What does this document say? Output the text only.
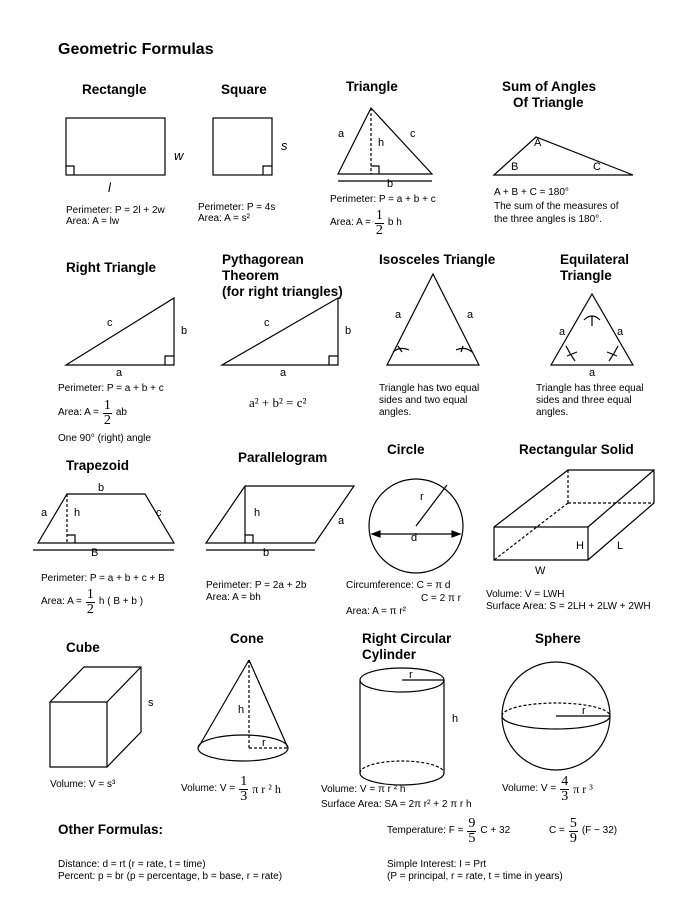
Geometric Formulas
Rectangle
w
l
Perimeter: P = 2l + 2w
Area: A = lw
Square
s
Perimeter: P = 4s
Area: A = s²
Triangle
a	c
h
b
Perimeter: P = a + b + c
Area: $A = \frac{1}{2}$ b h
Sum of Angles
Of Triangle
A
B	C
A + B + C = 180°
The sum of the measures of
the three angles is 180°.
Right Triangle
c
b
a
Perimeter: P = a + b + c
Area: $A = \frac{1}{2}$ ab
One 90° (right) angle
Pythagorean
Theorem
(for right triangles)
c
b
a
a² + b² = c²
Isosceles Triangle
a	a
Triangle has two equal sides and two equal angles.
Equilateral
Triangle
a	a
a
Triangle has three equal sides and three equal angles.
Trapezoid
b
a h	c
B
Perimeter: P = a + b + c + B
Area: $A = \frac{1}{2}$ h ( B + b )
Parallelogram
h
a
b
Perimeter: P = 2a + 2b
Area: A = bh
Circle
r
d
Circumference: C = π d
C = 2 π r
Area: A = π r²
Rectangular Solid
H	L
W
Volume: V = LWH
Surface Area: S = 2LH + 2LW + 2WH
Cube
s
Volume: V = s³
Cone
h
r
Volume: $V = \frac{1}{3}$ π r ² h
Right Circular
Cylinder
r
h
Volume: V = π r ² h
Surface Area: SA = 2π r² + 2 π r h
Sphere
r
Volume: $V = \frac{4}{3}$ π r ³
Other Formulas:	Temperature: $F = \frac{9}{5}$ C + 32	$C = \frac{5}{9} (F - 32)$
Distance: d = rt (r = rate, t = time)
Percent: p = br (p = percentage, b = base, r = rate)
Simple Interest: I = Prt
(P = principal, r = rate, t = time in years)
